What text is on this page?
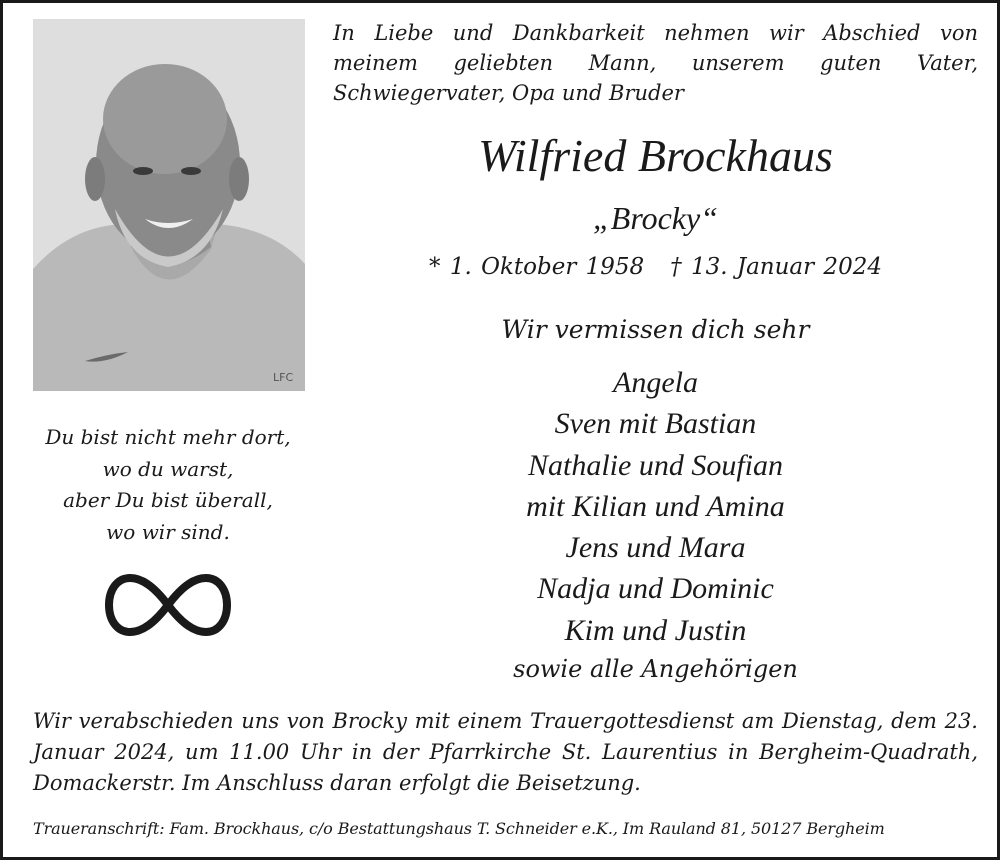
LFC
In Liebe und Dankbarkeit nehmen wir Abschied von meinem geliebten Mann, unserem guten Vater, Schwiegervater, Opa und Bruder
Wilfried Brockhaus
„Brocky“
* 1. Oktober 1958 † 13. Januar 2024
Wir vermissen dich sehr
Angela
Sven mit Bastian
Nathalie und Soufian
mit Kilian und Amina
Jens und Mara
Nadja und Dominic
Kim und Justin
sowie alle Angehörigen
Du bist nicht mehr dort,
wo du warst,
aber Du bist überall,
wo wir sind.
Wir verabschieden uns von Brocky mit einem Trauergottesdienst am Dienstag, dem 23. Januar 2024, um 11.00 Uhr in der Pfarrkirche St. Laurentius in Bergheim-Quadrath, Domackerstr. Im Anschluss daran erfolgt die Beisetzung.
Traueranschrift: Fam. Brockhaus, c/o Bestattungshaus T. Schneider e.K., Im Rauland 81, 50127 Bergheim
